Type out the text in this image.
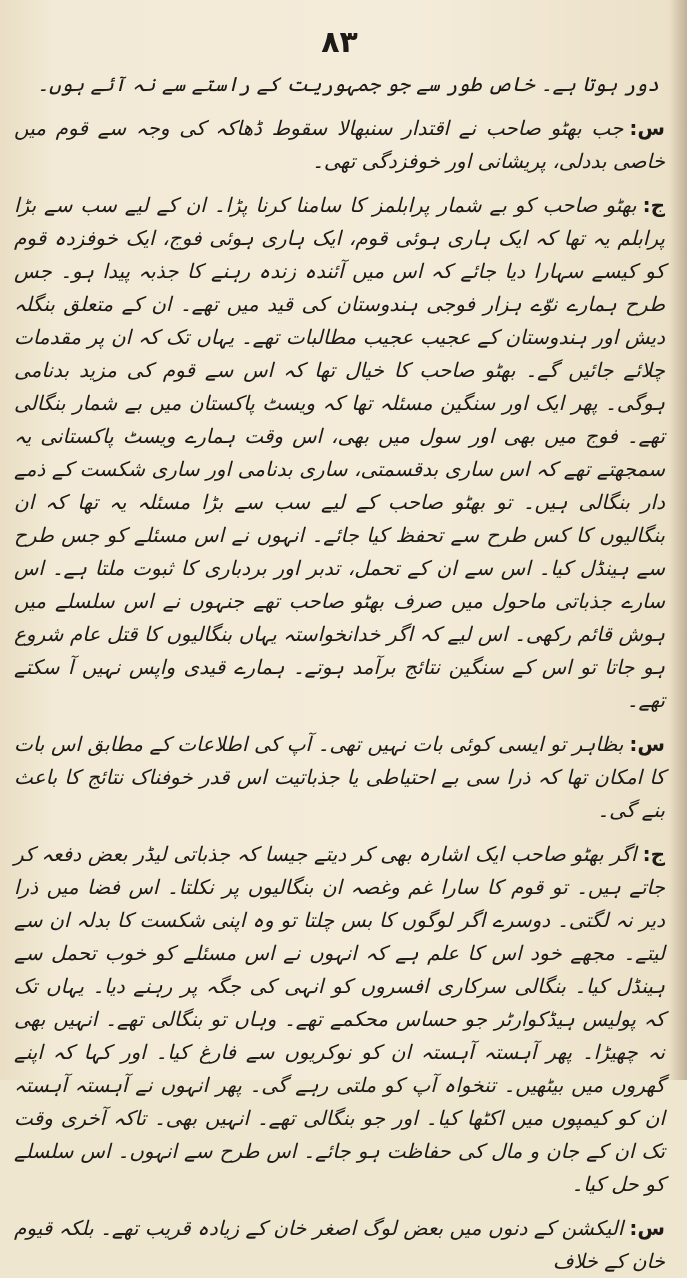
۸۳

دور ہوتا ہے۔ خاص طور سے جو جمہوریت کے راستے سے نہ آئے ہوں۔

س:جب بھٹو صاحب نے اقتدار سنبھالا سقوط ڈھاکہ کی وجہ سے قوم میں خاصی بددلی، پریشانی اور خوفزدگی تھی۔

ج:بھٹو صاحب کو بے شمار پرابلمز کا سامنا کرنا پڑا۔ ان کے لیے سب سے بڑا پرابلم یہ تھا کہ ایک ہاری ہوئی قوم، ایک ہاری ہوئی فوج، ایک خوفزدہ قوم کو کیسے سہارا دیا جائے کہ اس میں آئندہ زندہ رہنے کا جذبہ پیدا ہو۔ جس طرح ہمارے نوّے ہزار فوجی ہندوستان کی قید میں تھے۔ ان کے متعلق بنگلہ دیش اور ہندوستان کے عجیب عجیب مطالبات تھے۔ یہاں تک کہ ان پر مقدمات چلائے جائیں گے۔ بھٹو صاحب کا خیال تھا کہ اس سے قوم کی مزید بدنامی ہوگی۔ پھر ایک اور سنگین مسئلہ تھا کہ ویسٹ پاکستان میں بے شمار بنگالی تھے۔ فوج میں بھی اور سول میں بھی، اس وقت ہمارے ویسٹ پاکستانی یہ سمجھتے تھے کہ اس ساری بدقسمتی، ساری بدنامی اور ساری شکست کے ذمے دار بنگالی ہیں۔ تو بھٹو صاحب کے لیے سب سے بڑا مسئلہ یہ تھا کہ ان بنگالیوں کا کس طرح سے تحفظ کیا جائے۔ انہوں نے اس مسئلے کو جس طرح سے ہینڈل کیا۔ اس سے ان کے تحمل، تدبر اور بردباری کا ثبوت ملتا ہے۔ اس سارے جذباتی ماحول میں صرف بھٹو صاحب تھے جنہوں نے اس سلسلے میں ہوش قائم رکھی۔ اس لیے کہ اگر خدانخواستہ یہاں بنگالیوں کا قتل عام شروع ہو جاتا تو اس کے سنگین نتائج برآمد ہوتے۔ ہمارے قیدی واپس نہیں آ سکتے تھے۔

س:بظاہر تو ایسی کوئی بات نہیں تھی۔ آپ کی اطلاعات کے مطابق اس بات کا امکان تھا کہ ذرا سی بے احتیاطی یا جذباتیت اس قدر خوفناک نتائج کا باعث بنے گی۔

ج:اگر بھٹو صاحب ایک اشارہ بھی کر دیتے جیسا کہ جذباتی لیڈر بعض دفعہ کر جاتے ہیں۔ تو قوم کا سارا غم وغصہ ان بنگالیوں پر نکلتا۔ اس فضا میں ذرا دیر نہ لگتی۔ دوسرے اگر لوگوں کا بس چلتا تو وہ اپنی شکست کا بدلہ ان سے لیتے۔ مجھے خود اس کا علم ہے کہ انہوں نے اس مسئلے کو خوب تحمل سے ہینڈل کیا۔ بنگالی سرکاری افسروں کو انہی کی جگہ پر رہنے دیا۔ یہاں تک کہ پولیس ہیڈکوارٹر جو حساس محکمے تھے۔ وہاں تو بنگالی تھے۔ انہیں بھی نہ چھیڑا۔ پھر آہستہ آہستہ ان کو نوکریوں سے فارغ کیا۔ اور کہا کہ اپنے گھروں میں بیٹھیں۔ تنخواہ آپ کو ملتی رہے گی۔ پھر انہوں نے آہستہ آہستہ ان کو کیمپوں میں اکٹھا کیا۔ اور جو بنگالی تھے۔ انہیں بھی۔ تاکہ آخری وقت تک ان کے جان و مال کی حفاظت ہو جائے۔ اس طرح سے انہوں۔ اس سلسلے کو حل کیا۔

س:الیکشن کے دنوں میں بعض لوگ اصغر خان کے زیادہ قریب تھے۔ بلکہ قیوم خان کے خلاف
